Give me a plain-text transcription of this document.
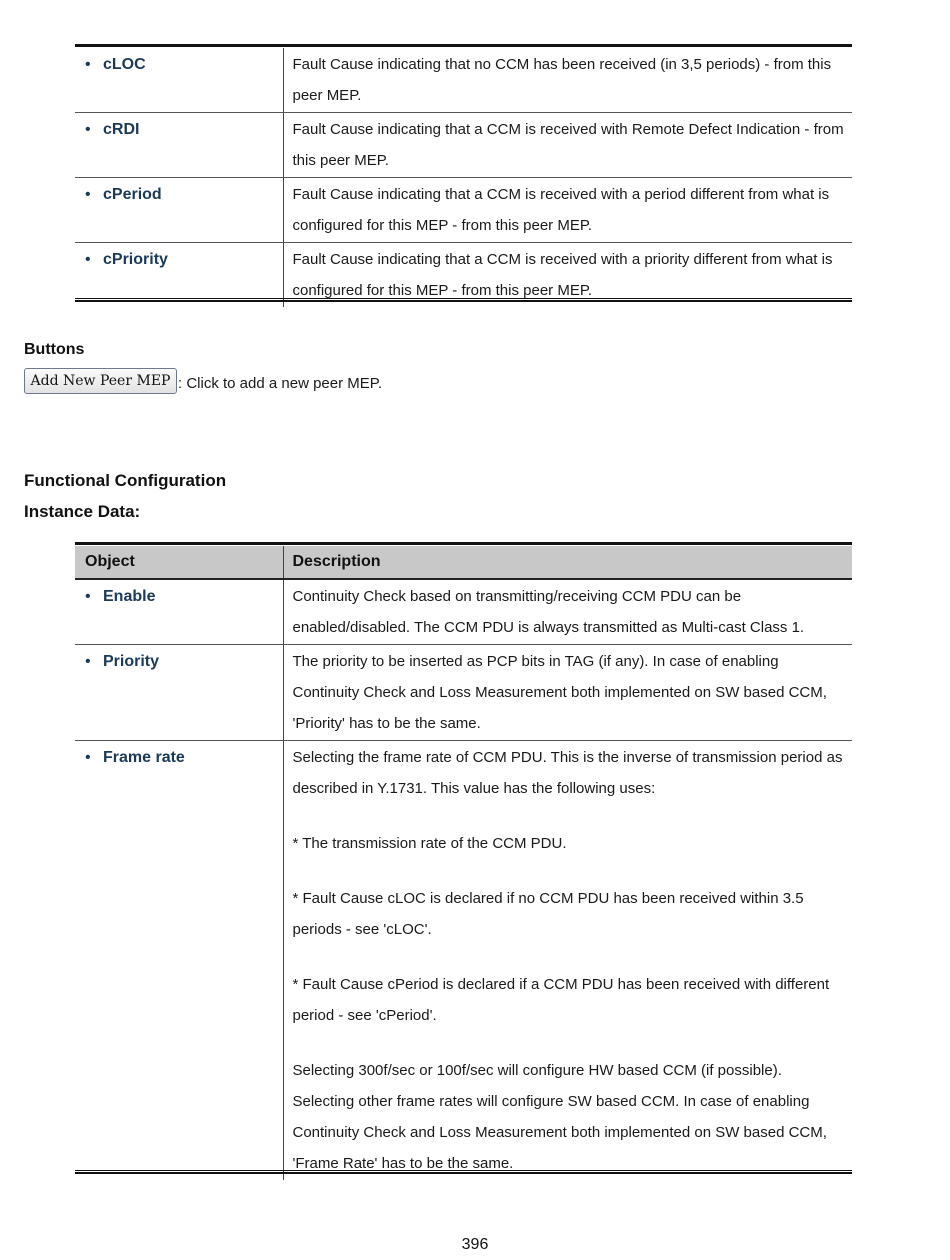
• cLOC	Fault Cause indicating that no CCM has been received (in 3,5 periods) - from this peer MEP.
• cRDI	Fault Cause indicating that a CCM is received with Remote Defect Indication - from this peer MEP.
• cPeriod	Fault Cause indicating that a CCM is received with a period different from what is configured for this MEP - from this peer MEP.
• cPriority	Fault Cause indicating that a CCM is received with a priority different from what is configured for this MEP - from this peer MEP.
Buttons
Add New Peer MEP : Click to add a new peer MEP.
Functional Configuration
Instance Data:
Object	Description
• Enable	Continuity Check based on transmitting/receiving CCM PDU can be enabled/disabled. The CCM PDU is always transmitted as Multi-cast Class 1.

• Priority	The priority to be inserted as PCP bits in TAG (if any). In case of enabling Continuity Check and Loss Measurement both implemented on SW based CCM, 'Priority' has to be the same.

• Frame rate	Selecting the frame rate of CCM PDU. This is the inverse of transmission period as described in Y.1731. This value has the following uses:
* The transmission rate of the CCM PDU.
* Fault Cause cLOC is declared if no CCM PDU has been received within 3.5 periods - see 'cLOC'.
* Fault Cause cPeriod is declared if a CCM PDU has been received with different period - see 'cPeriod'.
Selecting 300f/sec or 100f/sec will configure HW based CCM (if possible). Selecting other frame rates will configure SW based CCM. In case of enabling Continuity Check and Loss Measurement both implemented on SW based CCM, 'Frame Rate' has to be the same.
396
